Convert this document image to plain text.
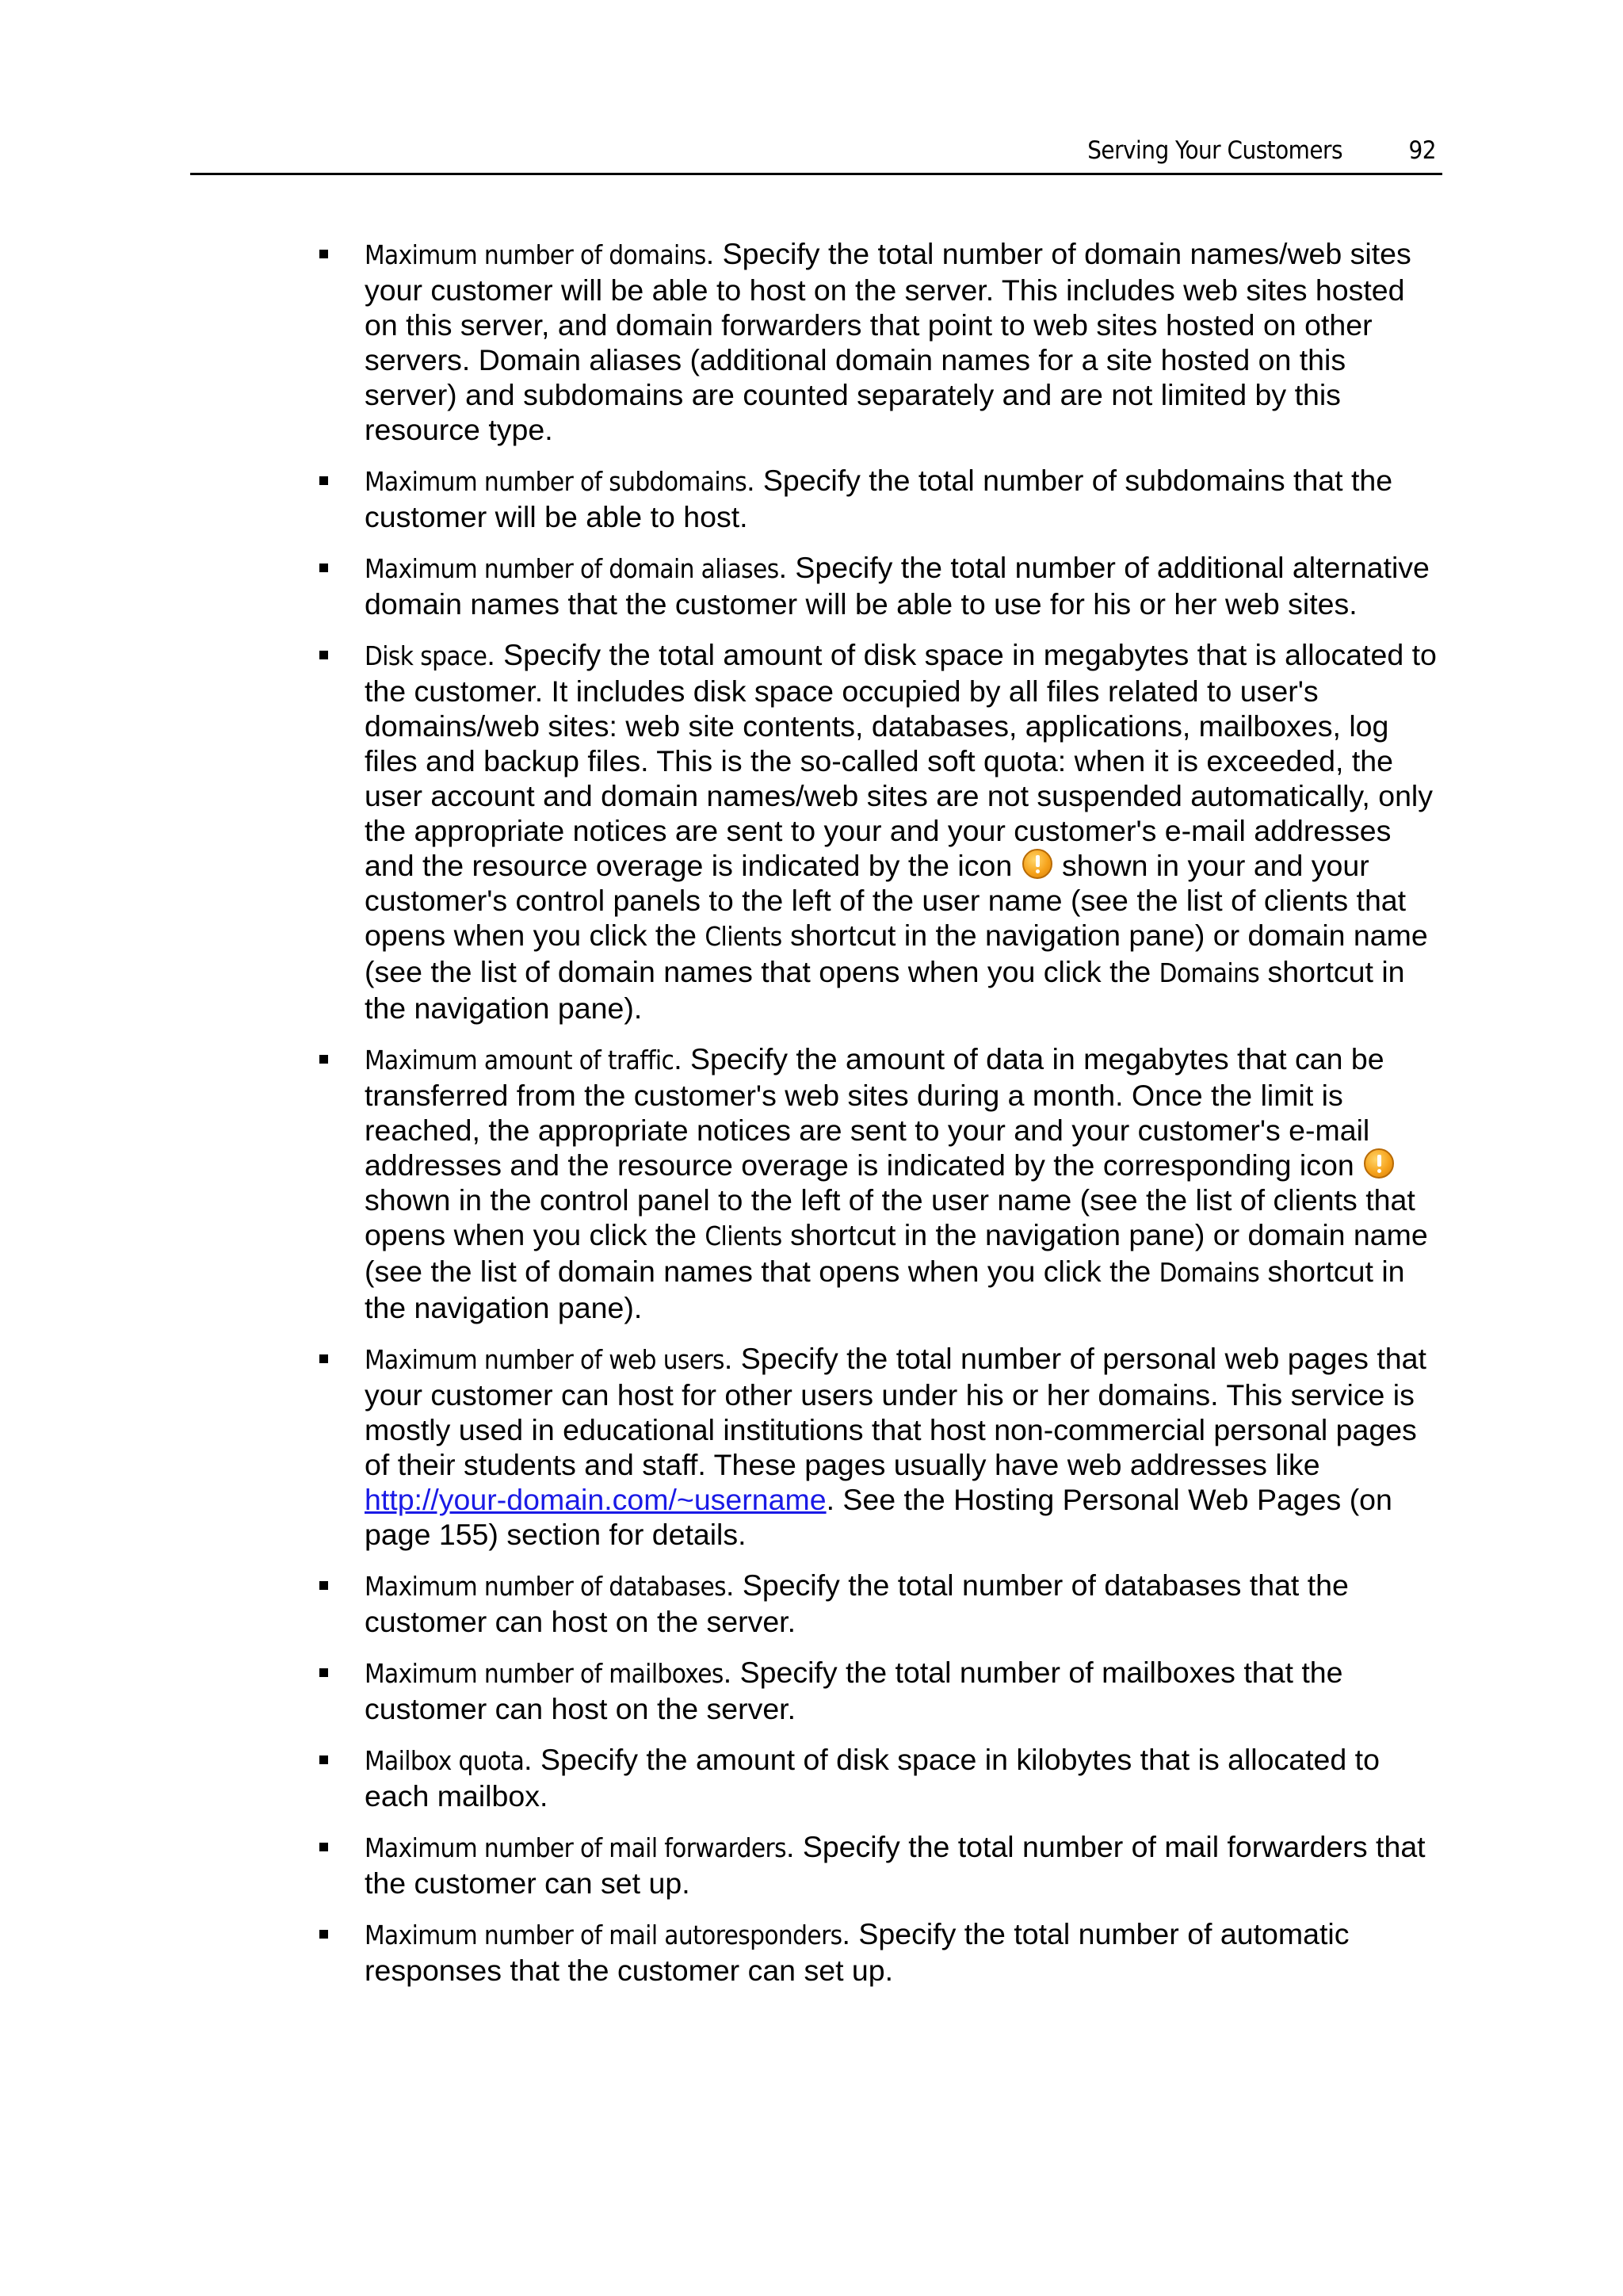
Serving Your Customers	92
Maximum number of domains. Specify the total number of domain names/web sites your customer will be able to host on the server. This includes web sites hosted on this server, and domain forwarders that point to web sites hosted on other servers. Domain aliases (additional domain names for a site hosted on this server) and subdomains are counted separately and are not limited by this resource type.
Maximum number of subdomains. Specify the total number of subdomains that the customer will be able to host.
Maximum number of domain aliases. Specify the total number of additional alternative domain names that the customer will be able to use for his or her web sites.
Disk space. Specify the total amount of disk space in megabytes that is allocated to the customer. It includes disk space occupied by all files related to user's domains/web sites: web site contents, databases, applications, mailboxes, log files and backup files. This is the so-called soft quota: when it is exceeded, the user account and domain names/web sites are not suspended automatically, only the appropriate notices are sent to your and your customer's e-mail addresses and the resource overage is indicated by the icon  shown in your and your customer's control panels to the left of the user name (see the list of clients that opens when you click the Clients shortcut in the navigation pane) or domain name (see the list of domain names that opens when you click the Domains shortcut in the navigation pane).
Maximum amount of traffic. Specify the amount of data in megabytes that can be transferred from the customer's web sites during a month. Once the limit is reached, the appropriate notices are sent to your and your customer's e-mail addresses and the resource overage is indicated by the corresponding icon  shown in the control panel to the left of the user name (see the list of clients that opens when you click the Clients shortcut in the navigation pane) or domain name (see the list of domain names that opens when you click the Domains shortcut in the navigation pane).
Maximum number of web users. Specify the total number of personal web pages that your customer can host for other users under his or her domains. This service is mostly used in educational institutions that host non-commercial personal pages of their students and staff. These pages usually have web addresses like http://your-domain.com/~username. See the Hosting Personal Web Pages (on page 155) section for details.
Maximum number of databases. Specify the total number of databases that the customer can host on the server.
Maximum number of mailboxes. Specify the total number of mailboxes that the customer can host on the server.
Mailbox quota. Specify the amount of disk space in kilobytes that is allocated to each mailbox.
Maximum number of mail forwarders. Specify the total number of mail forwarders that the customer can set up.
Maximum number of mail autoresponders. Specify the total number of automatic responses that the customer can set up.
